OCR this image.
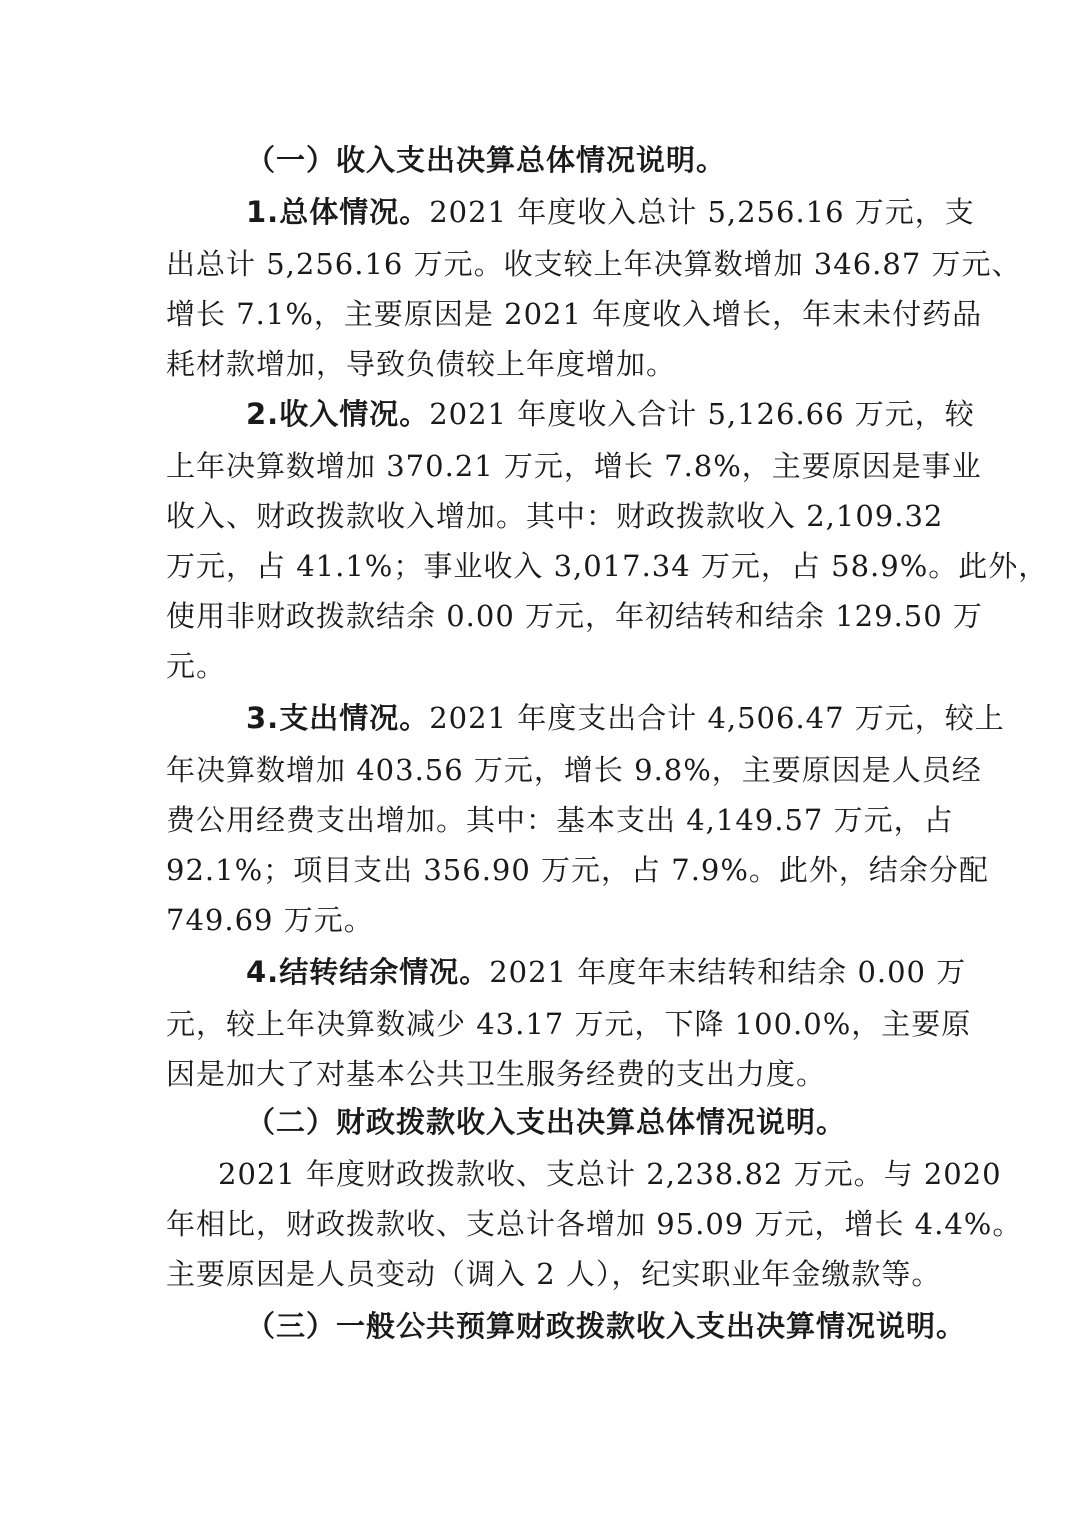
（一）收入支出决算总体情况说明。
1.总体情况。2021 年度收入总计 5,256.16 万元，支
出总计 5,256.16 万元。收支较上年决算数增加 346.87 万元、
增长 7.1%，主要原因是 2021 年度收入增长，年末未付药品
耗材款增加，导致负债较上年度增加。
2.收入情况。2021 年度收入合计 5,126.66 万元，较
上年决算数增加 370.21 万元，增长 7.8%，主要原因是事业
收入、财政拨款收入增加。其中：财政拨款收入 2,109.32
万元，占 41.1%；事业收入 3,017.34 万元，占 58.9%。此外，
使用非财政拨款结余 0.00 万元，年初结转和结余 129.50 万
元。
3.支出情况。2021 年度支出合计 4,506.47 万元，较上
年决算数增加 403.56 万元，增长 9.8%，主要原因是人员经
费公用经费支出增加。其中：基本支出 4,149.57 万元，占
92.1%；项目支出 356.90 万元，占 7.9%。此外，结余分配
749.69 万元。
4.结转结余情况。2021 年度年末结转和结余 0.00 万
元，较上年决算数减少 43.17 万元，下降 100.0%，主要原
因是加大了对基本公共卫生服务经费的支出力度。
（二）财政拨款收入支出决算总体情况说明。
2021 年度财政拨款收、支总计 2,238.82 万元。与 2020
年相比，财政拨款收、支总计各增加 95.09 万元，增长 4.4%。
主要原因是人员变动（调入 2 人），纪实职业年金缴款等。
（三）一般公共预算财政拨款收入支出决算情况说明。
